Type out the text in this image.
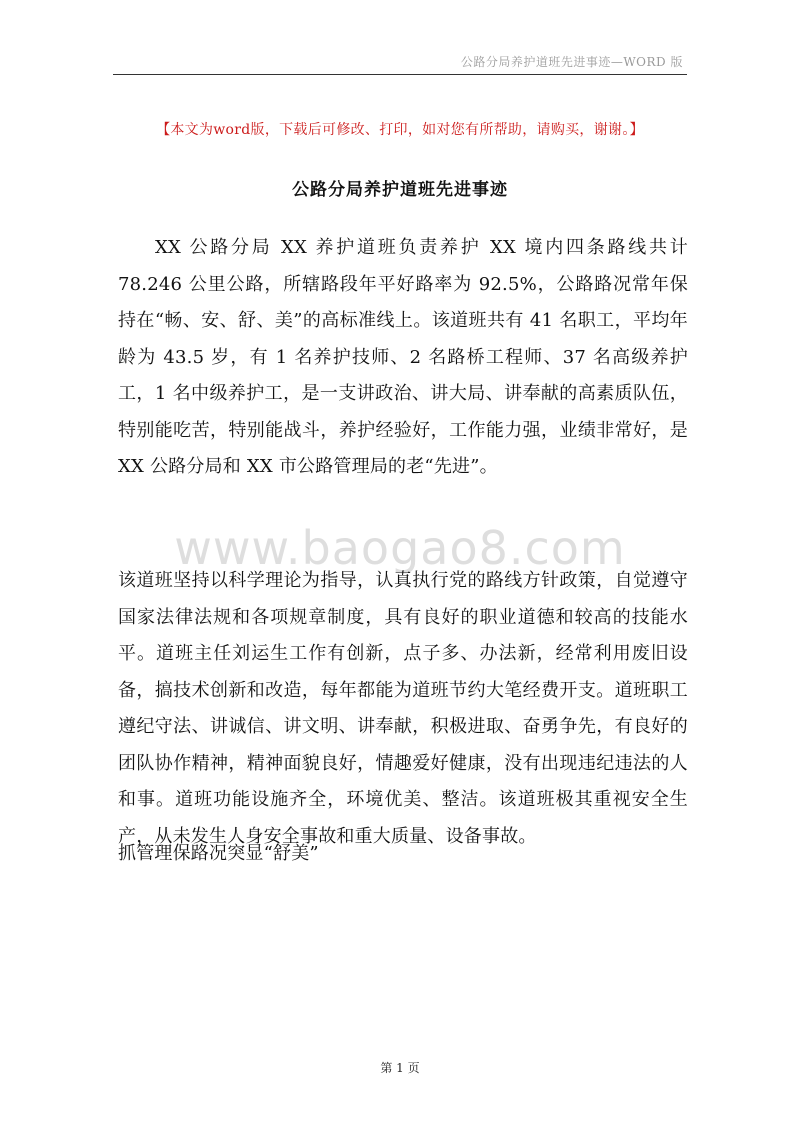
公路分局养护道班先进事迹—WORD 版
【本文为word版，下载后可修改、打印，如对您有所帮助，请购买，谢谢。】
公路分局养护道班先进事迹

XX 公路分局 XX 养护道班负责养护 XX 境内四条路线共计 78.246 公里公路，所辖路段年平好路率为 92.5%，公路路况常年保持在“畅、安、舒、美”的高标准线上。该道班共有 41 名职工，平均年龄为 43.5 岁，有 1 名养护技师、2 名路桥工程师、37 名高级养护工，1 名中级养护工，是一支讲政治、讲大局、讲奉献的高素质队伍，特别能吃苦，特别能战斗，养护经验好，工作能力强，业绩非常好，是 XX 公路分局和 XX 市公路管理局的老“先进”。

www.baogao8.com

该道班坚持以科学理论为指导，认真执行党的路线方针政策，自觉遵守国家法律法规和各项规章制度，具有良好的职业道德和较高的技能水平。道班主任刘运生工作有创新，点子多、办法新，经常利用废旧设备，搞技术创新和改造，每年都能为道班节约大笔经费开支。道班职工遵纪守法、讲诚信、讲文明、讲奉献，积极进取、奋勇争先，有良好的团队协作精神，精神面貌良好，情趣爱好健康，没有出现违纪违法的人和事。道班功能设施齐全，环境优美、整洁。该道班极其重视安全生产，从未发生人身安全事故和重大质量、设备事故。

抓管理保路况突显“舒美”

第 1 页
